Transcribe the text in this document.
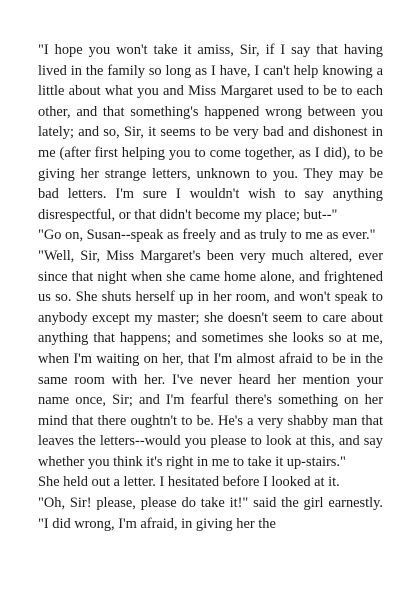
"I hope you won't take it amiss, Sir, if I say that having lived in the family so long as I have, I can't help knowing a little about what you and Miss Margaret used to be to each other, and that something's happened wrong between you lately; and so, Sir, it seems to be very bad and dishonest in me (after first helping you to come together, as I did), to be giving her strange letters, unknown to you. They may be bad letters. I'm sure I wouldn't wish to say anything disrespectful, or that didn't become my place; but--"

"Go on, Susan--speak as freely and as truly to me as ever."

"Well, Sir, Miss Margaret's been very much altered, ever since that night when she came home alone, and frightened us so. She shuts herself up in her room, and won't speak to anybody except my master; she doesn't seem to care about anything that happens; and sometimes she looks so at me, when I'm waiting on her, that I'm almost afraid to be in the same room with her. I've never heard her mention your name once, Sir; and I'm fearful there's something on her mind that there oughtn't to be. He's a very shabby man that leaves the letters--would you please to look at this, and say whether you think it's right in me to take it up-stairs."

She held out a letter. I hesitated before I looked at it.

"Oh, Sir! please, please do take it!" said the girl earnestly. "I did wrong, I'm afraid, in giving her the
